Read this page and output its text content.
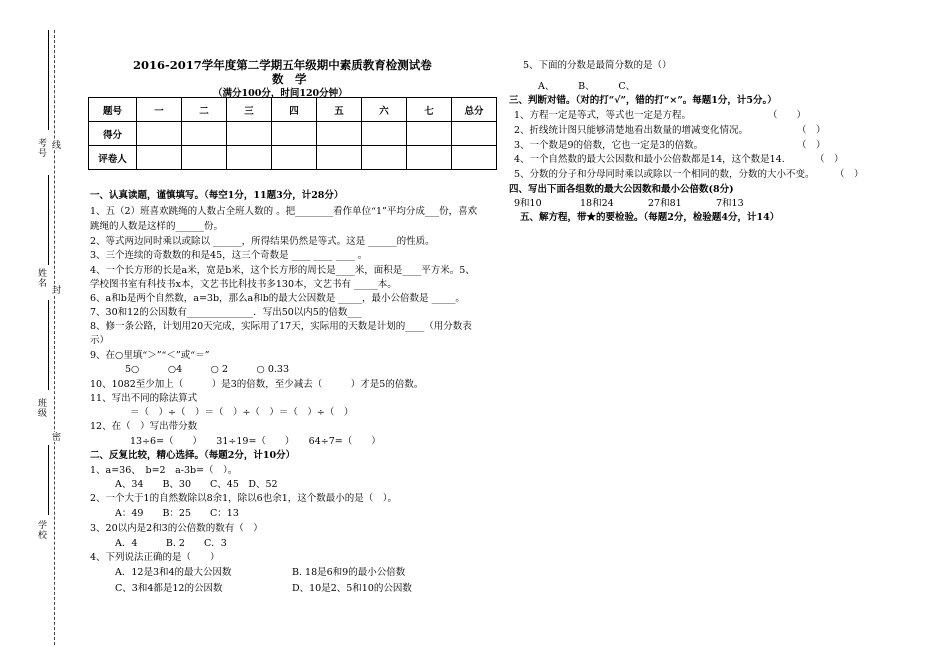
考号 线
姓名
封
班级
密
学校
2016-2017学年度第二学期五年级期中素质教育检测试卷
数　学
（满分100分，时间120分钟）
题号	一	二	三	四	五	六	七	总分
得分								
评卷人								
一、认真读题，谨慎填写。（每空1分，11题3分，计28分）
1、五（2）班喜欢跳绳的人数占全班人数的 。把________看作单位“1”平均分成___份，喜欢
跳绳的人数是这样的______份。
2、等式两边同时乘以或除以 ______，所得结果仍然是等式。这是 ______的性质。
3、三个连续的奇数数的和是45，这三个奇数是 ____ ____ ____ 。
4、一个长方形的长是a米，宽是b米，这个长方形的周长是____米，面积是____平方米。5、
学校图书室有科技书x本，文艺书比科技书多130本，文艺书有 _____本。
6、a和b是两个自然数，a=3b，那么a和b的最大公因数是 _____，最小公倍数是 _____。
7、30和12的公因数有______________．写出50以内5的倍数___
8、修一条公路，计划用20天完成，实际用了17天，实际用的天数是计划的____（用分数表
示）
9、在○里填“＞”“＜”或“＝”
5○　　　○4　　　○ 2　　　○ 0.33
10、1082至少加上（　　　）是3的倍数，至少减去（　　　）才是5的倍数。
11、写出不同的除法算式
＝（　）÷（　）＝（　）÷（　）＝（　）÷（　）
12、在（　）写出带分数
13÷6=（　　）　　31÷19=（　　）　　64÷7=（　　）
二、反复比较，精心选择。（每题2分，计10分）
1、a=36、　b=2　a-3b=（　）。
A、34　　B、30　　C、45　D、52
2、一个大于1的自然数除以8余1，除以6也余1，这个数最小的是（　）。
A：49　　B：25　　C：13
3、20以内是2和3的公倍数的数有（　）
A．4　　　B. 2　　C．3
4、下列说法正确的是（　　）
A．12是3和4的最大公因数	B. 18是6和9的最小公倍数
C、3和4都是12的公因数	D、10是2、5和10的公因数
5、下面的分数是最简分数的是（）
A、　　　B、　　　C、
三、判断对错。（对的打“√”，错的打“×”。每题1分，计5分。）
1、方程一定是等式，等式也一定是方程。	（　　）
2、折线统计图只能够清楚地看出数量的增减变化情况。	（　）
3、一个数是9的倍数，它也一定是3的倍数。	（　）
4、一个自然数的最大公因数和最小公倍数都是14，这个数是14.	（　）
5、分数的分子和分母同时乘以或除以一个相同的数，分数的大小不变。 （　）
四、写出下面各组数的最大公因数和最小公倍数(8分)
9和10	18和24	27和81	7和13
五、解方程，带★的要检验。（每题2分，检验题4分，计14）
